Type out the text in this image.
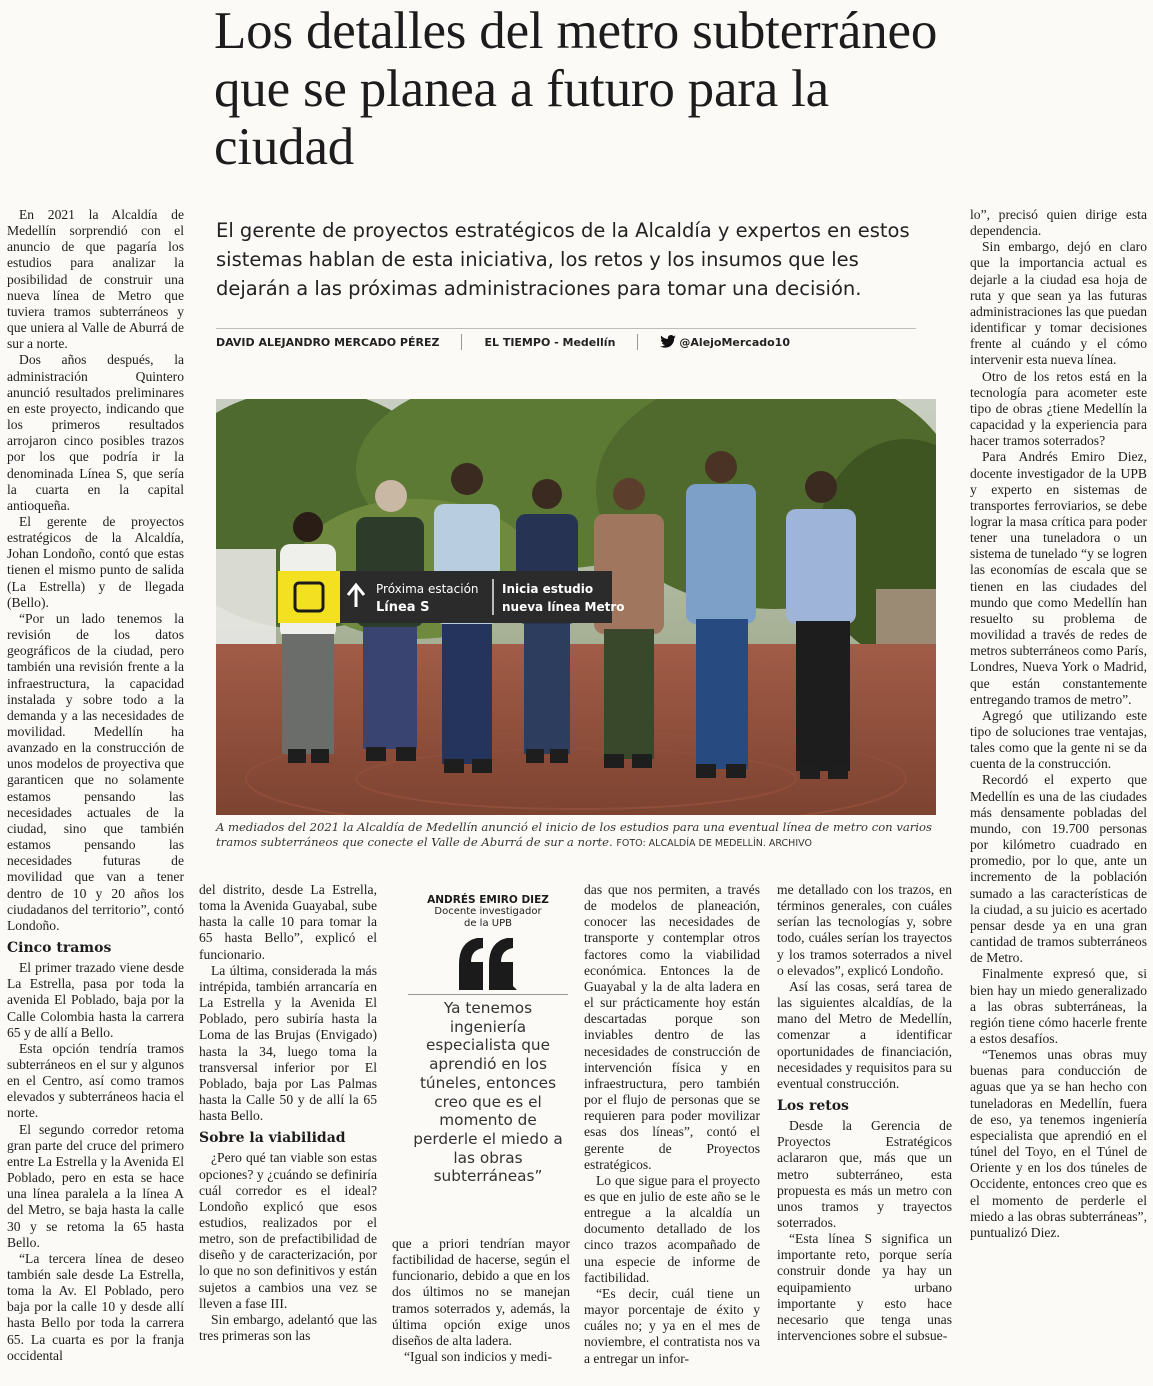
Los detalles del metro subterráneo que se planea a futuro para la ciudad

El gerente de proyectos estratégicos de la Alcaldía y expertos en estos sistemas hablan de esta iniciativa, los retos y los insumos que les dejarán a las próximas administraciones para tomar una decisión.

DAVID ALEJANDRO MERCADO PÉREZ	EL TIEMPO - Medellín	@AlejoMercado10
Próxima estación
Línea S
Inicia estudio
nueva línea Metro
A mediados del 2021 la Alcaldía de Medellín anunció el inicio de los estudios para una eventual línea de metro con varios tramos subterráneos que conecte el Valle de Aburrá de sur a norte. FOTO: ALCALDÍA DE MEDELLÍN. ARCHIVO

En 2021 la Alcaldía de Medellín sorprendió con el anuncio de que pagaría los estudios para analizar la posibilidad de construir una nueva línea de Metro que tuviera tramos subterráneos y que uniera al Valle de Aburrá de sur a norte.

Dos años después, la administración Quintero anunció resultados preliminares en este proyecto, indicando que los primeros resultados arrojaron cinco posibles trazos por los que podría ir la denominada Línea S, que sería la cuarta en la capital antioqueña.

El gerente de proyectos estratégicos de la Alcaldía, Johan Londoño, contó que estas tienen el mismo punto de salida (La Estrella) y de llegada (Bello).

“Por un lado tenemos la revisión de los datos geográficos de la ciudad, pero también una revisión frente a la infraestructura, la capacidad instalada y sobre todo a la demanda y a las necesidades de movilidad. Medellín ha avanzado en la construcción de unos modelos de proyectiva que garanticen que no solamente estamos pensando las necesidades actuales de la ciudad, sino que también estamos pensando las necesidades futuras de movilidad que van a tener dentro de 10 y 20 años los ciudadanos del territorio”, contó Londoño.

Cinco tramos

El primer trazado viene desde La Estrella, pasa por toda la avenida El Poblado, baja por la Calle Colombia hasta la carrera 65 y de allí a Bello.

Esta opción tendría tramos subterráneos en el sur y algunos en el Centro, así como tramos elevados y subterráneos hacia el norte.

El segundo corredor retoma gran parte del cruce del primero entre La Estrella y la Avenida El Poblado, pero en esta se hace una línea paralela a la línea A del Metro, se baja hasta la calle 30 y se retoma la 65 hasta Bello.

“La tercera línea de deseo también sale desde La Estrella, toma la Av. El Poblado, pero baja por la calle 10 y desde allí hasta Bello por toda la carrera 65. La cuarta es por la franja occidental

del distrito, desde La Estrella, toma la Avenida Guayabal, sube hasta la calle 10 para tomar la 65 hasta Bello”, explicó el funcionario.

La última, considerada la más intrépida, también arrancaría en La Estrella y la Avenida El Poblado, pero subiría hasta la Loma de las Brujas (Envigado) hasta la 34, luego toma la transversal inferior por El Poblado, baja por Las Palmas hasta la Calle 50 y de allí la 65 hasta Bello.

Sobre la viabilidad

¿Pero qué tan viable son estas opciones? y ¿cuándo se definiría cuál corredor es el ideal? Londoño explicó que esos estudios, realizados por el metro, son de prefactibilidad de diseño y de caracterización, por lo que no son definitivos y están sujetos a cambios una vez se lleven a fase III.

Sin embargo, adelantó que las tres primeras son las

ANDRÉS EMIRO DIEZ
Docente investigador
de la UPB
Ya tenemos ingeniería especialista que aprendió en los túneles, entonces creo que es el momento de perderle el miedo a las obras subterráneas”

que a priori tendrían mayor factibilidad de hacerse, según el funcionario, debido a que en los dos últimos no se manejan tramos soterrados y, además, la última opción exige unos diseños de alta ladera.

“Igual son indicios y medi-

das que nos permiten, a través de modelos de planeación, conocer las necesidades de transporte y contemplar otros factores como la viabilidad económica. Entonces la de Guayabal y la de alta ladera en el sur prácticamente hoy están descartadas porque son inviables dentro de las necesidades de construcción de intervención física y en infraestructura, pero también por el flujo de personas que se requieren para poder movilizar esas dos líneas”, contó el gerente de Proyectos estratégicos.

Lo que sigue para el proyecto es que en julio de este año se le entregue a la alcaldía un documento detallado de los cinco trazos acompañado de una especie de informe de factibilidad.

“Es decir, cuál tiene un mayor porcentaje de éxito y cuáles no; y ya en el mes de noviembre, el contratista nos va a entregar un infor-

me detallado con los trazos, en términos generales, con cuáles serían las tecnologías y, sobre todo, cuáles serían los trayectos y los tramos soterrados a nivel o elevados”, explicó Londoño.

Así las cosas, será tarea de las siguientes alcaldías, de la mano del Metro de Medellín, comenzar a identificar oportunidades de financiación, necesidades y requisitos para su eventual construcción.

Los retos

Desde la Gerencia de Proyectos Estratégicos aclararon que, más que un metro subterráneo, esta propuesta es más un metro con unos tramos y trayectos soterrados.

“Esta línea S significa un importante reto, porque sería construir donde ya hay un equipamiento urbano importante y esto hace necesario que tenga unas intervenciones sobre el subsue-

lo”, precisó quien dirige esta dependencia.

Sin embargo, dejó en claro que la importancia actual es dejarle a la ciudad esa hoja de ruta y que sean ya las futuras administraciones las que puedan identificar y tomar decisiones frente al cuándo y el cómo intervenir esta nueva línea.

Otro de los retos está en la tecnología para acometer este tipo de obras ¿tiene Medellín la capacidad y la experiencia para hacer tramos soterrados?

Para Andrés Emiro Diez, docente investigador de la UPB y experto en sistemas de transportes ferroviarios, se debe lograr la masa crítica para poder tener una tuneladora o un sistema de tunelado “y se logren las economías de escala que se tienen en las ciudades del mundo que como Medellín han resuelto su problema de movilidad a través de redes de metros subterráneos como París, Londres, Nueva York o Madrid, que están constantemente entregando tramos de metro”.

Agregó que utilizando este tipo de soluciones trae ventajas, tales como que la gente ni se da cuenta de la construcción.

Recordó el experto que Medellín es una de las ciudades más densamente pobladas del mundo, con 19.700 personas por kilómetro cuadrado en promedio, por lo que, ante un incremento de la población sumado a las características de la ciudad, a su juicio es acertado pensar desde ya en una gran cantidad de tramos subterráneos de Metro.

Finalmente expresó que, si bien hay un miedo generalizado a las obras subterráneas, la región tiene cómo hacerle frente a estos desafíos.

“Tenemos unas obras muy buenas para conducción de aguas que ya se han hecho con tuneladoras en Medellín, fuera de eso, ya tenemos ingeniería especialista que aprendió en el túnel del Toyo, en el Túnel de Oriente y en los dos túneles de Occidente, entonces creo que es el momento de perderle el miedo a las obras subterráneas”, puntualizó Diez.
